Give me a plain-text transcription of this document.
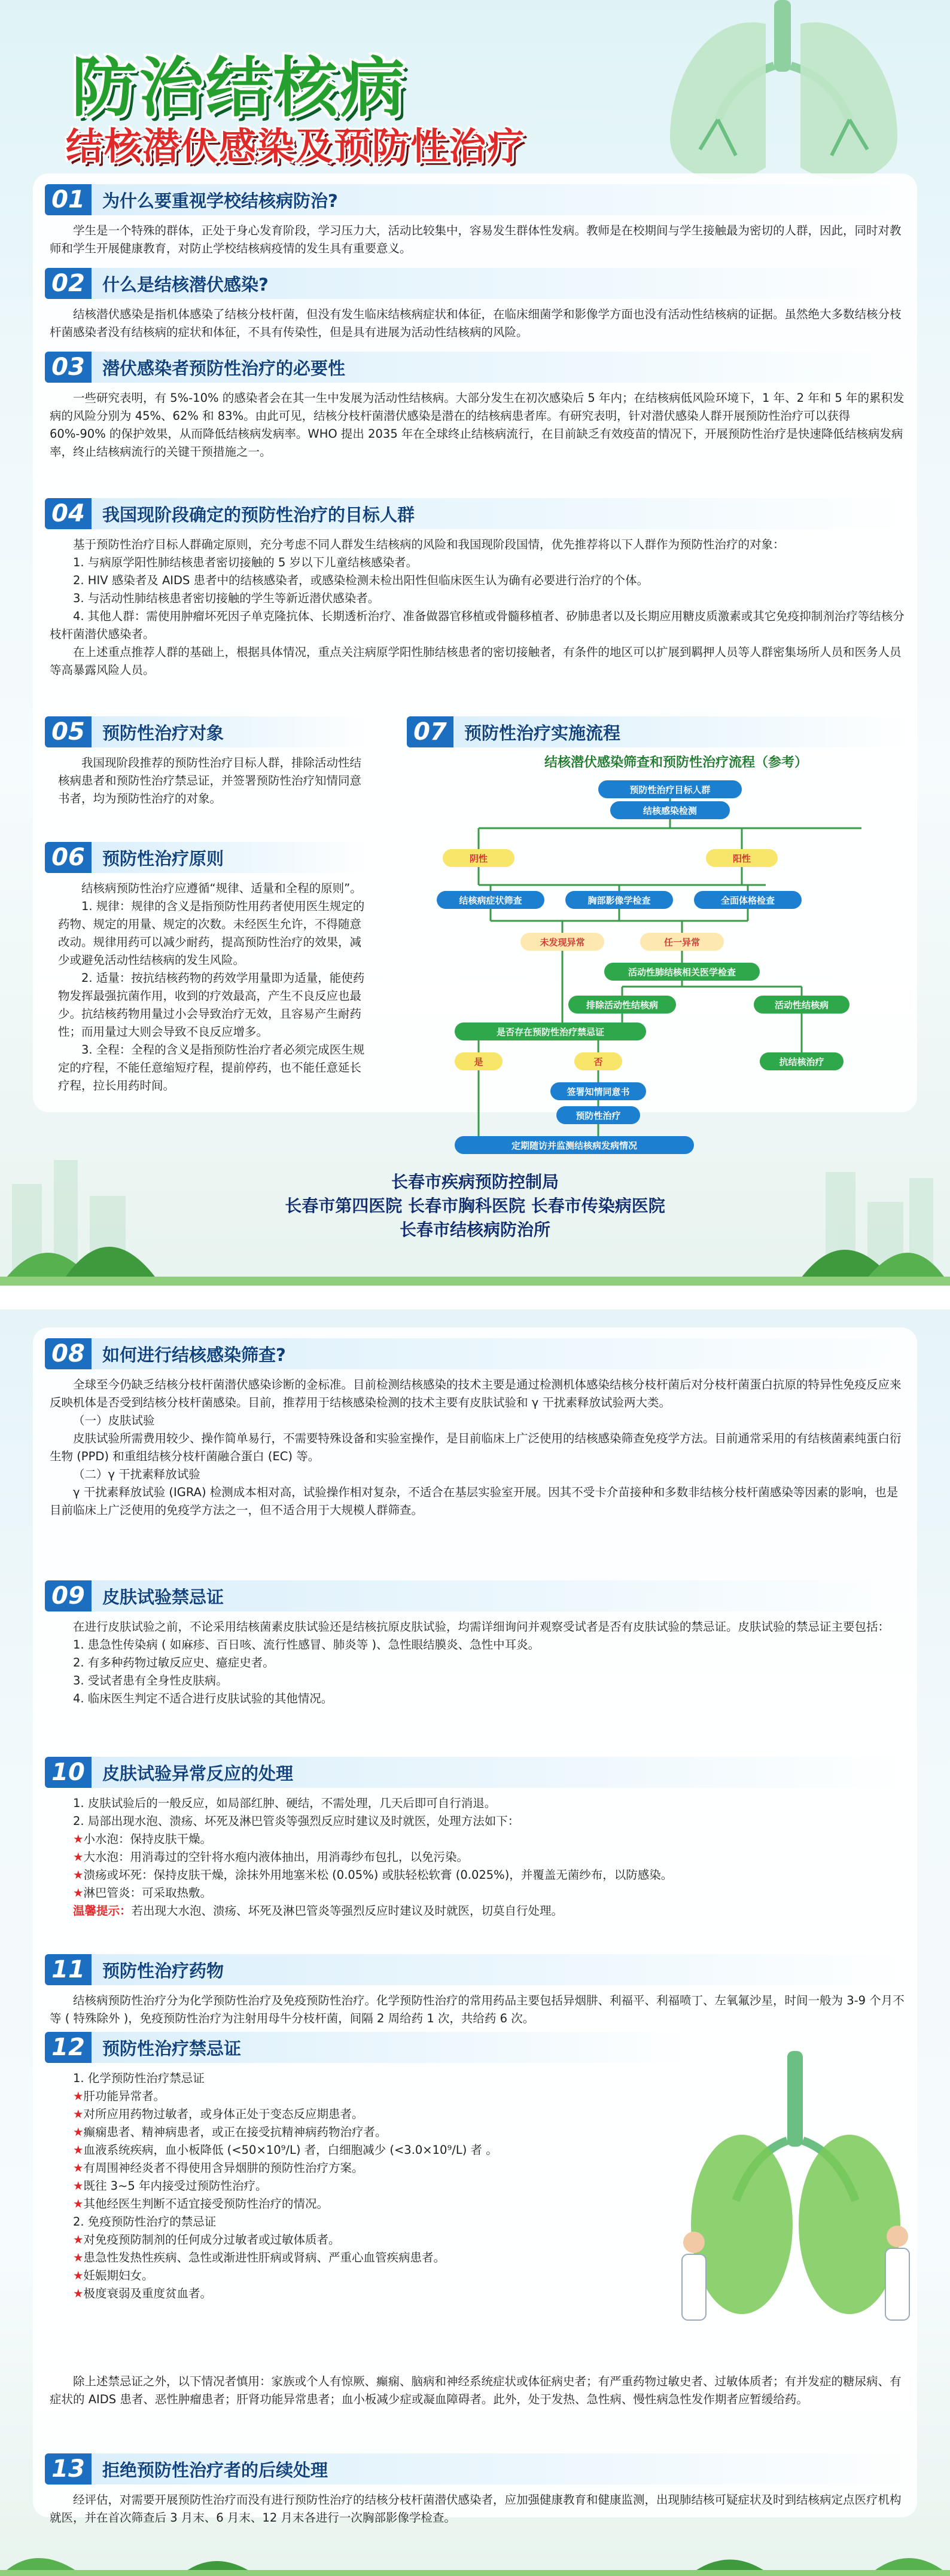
防治结核病
结核潜伏感染及预防性治疗
01	为什么要重视学校结核病防治?

学生是一个特殊的群体，正处于身心发育阶段，学习压力大，活动比较集中，容易发生群体性发病。教师是在校期间与学生接触最为密切的人群，因此，同时对教师和学生开展健康教育，对防止学校结核病疫情的发生具有重要意义。

02	什么是结核潜伏感染?

结核潜伏感染是指机体感染了结核分枝杆菌，但没有发生临床结核病症状和体征，在临床细菌学和影像学方面也没有活动性结核病的证据。虽然绝大多数结核分枝杆菌感染者没有结核病的症状和体征，不具有传染性，但是具有进展为活动性结核病的风险。

03	潜伏感染者预防性治疗的必要性

一些研究表明，有 5%-10% 的感染者会在其一生中发展为活动性结核病。大部分发生在初次感染后 5 年内；在结核病低风险环境下，1 年、2 年和 5 年的累积发病的风险分别为 45%、62% 和 83%。由此可见，结核分枝杆菌潜伏感染是潜在的结核病患者库。有研究表明，针对潜伏感染人群开展预防性治疗可以获得 60%-90% 的保护效果，从而降低结核病发病率。WHO 提出 2035 年在全球终止结核病流行，在目前缺乏有效疫苗的情况下，开展预防性治疗是快速降低结核病发病率，终止结核病流行的关键干预措施之一。

04	我国现阶段确定的预防性治疗的目标人群

基于预防性治疗目标人群确定原则，充分考虑不同人群发生结核病的风险和我国现阶段国情，优先推荐将以下人群作为预防性治疗的对象：

1. 与病原学阳性肺结核患者密切接触的 5 岁以下儿童结核感染者。

2. HIV 感染者及 AIDS 患者中的结核感染者，或感染检测未检出阳性但临床医生认为确有必要进行治疗的个体。

3. 与活动性肺结核患者密切接触的学生等新近潜伏感染者。

4. 其他人群：需使用肿瘤坏死因子单克隆抗体、长期透析治疗、准备做器官移植或骨髓移植者、矽肺患者以及长期应用糖皮质激素或其它免疫抑制剂治疗等结核分枝杆菌潜伏感染者。

在上述重点推荐人群的基础上，根据具体情况，重点关注病原学阳性肺结核患者的密切接触者，有条件的地区可以扩展到羁押人员等人群密集场所人员和医务人员等高暴露风险人员。

05	预防性治疗对象

我国现阶段推荐的预防性治疗目标人群，排除活动性结核病患者和预防性治疗禁忌证，并签署预防性治疗知情同意书者，均为预防性治疗的对象。

06	预防性治疗原则

结核病预防性治疗应遵循“规律、适量和全程的原则”。

1. 规律：规律的含义是指预防性用药者使用医生规定的药物、规定的用量、规定的次数。未经医生允许，不得随意改动。规律用药可以减少耐药，提高预防性治疗的效果，减少或避免活动性结核病的发生风险。

2. 适量：按抗结核药物的药效学用量即为适量，能使药物发挥最强抗菌作用，收到的疗效最高，产生不良反应也最少。抗结核药物用量过小会导致治疗无效，且容易产生耐药性；而用量过大则会导致不良反应增多。

3. 全程：全程的含义是指预防性治疗者必须完成医生规定的疗程，不能任意缩短疗程，提前停药，也不能任意延长疗程，拉长用药时间。

07	预防性治疗实施流程
结核潜伏感染筛查和预防性治疗流程（参考）
预防性治疗目标人群
结核感染检测
阴性	阳性
结核病症状筛查	胸部影像学检查	全面体格检查
未发现异常	任一异常
活动性肺结核相关医学检查
排除活动性结核病	活动性结核病
是否存在预防性治疗禁忌证
是	否	抗结核治疗
签署知情同意书
预防性治疗
定期随访并监测结核病发病情况
长春市疾病预防控制局
长春市第四医院 长春市胸科医院 长春市传染病医院
长春市结核病防治所
08	如何进行结核感染筛查?

全球至今仍缺乏结核分枝杆菌潜伏感染诊断的金标准。目前检测结核感染的技术主要是通过检测机体感染结核分枝杆菌后对分枝杆菌蛋白抗原的特异性免疫反应来反映机体是否受到结核分枝杆菌感染。目前，推荐用于结核感染检测的技术主要有皮肤试验和 γ 干扰素释放试验两大类。

（一）皮肤试验

皮肤试验所需费用较少、操作简单易行，不需要特殊设备和实验室操作，是目前临床上广泛使用的结核感染筛查免疫学方法。目前通常采用的有结核菌素纯蛋白衍生物 (PPD) 和重组结核分枝杆菌融合蛋白 (EC) 等。

（二）γ 干扰素释放试验

γ 干扰素释放试验 (IGRA) 检测成本相对高，试验操作相对复杂，不适合在基层实验室开展。因其不受卡介苗接种和多数非结核分枝杆菌感染等因素的影响，也是目前临床上广泛使用的免疫学方法之一，但不适合用于大规模人群筛查。

09	皮肤试验禁忌证

在进行皮肤试验之前，不论采用结核菌素皮肤试验还是结核抗原皮肤试验，均需详细询问并观察受试者是否有皮肤试验的禁忌证。皮肤试验的禁忌证主要包括：

1. 患急性传染病 ( 如麻疹、百日咳、流行性感冒、肺炎等 )、急性眼结膜炎、急性中耳炎。

2. 有多种药物过敏反应史、癔症史者。

3. 受试者患有全身性皮肤病。

4. 临床医生判定不适合进行皮肤试验的其他情况。

10	皮肤试验异常反应的处理

1. 皮肤试验后的一般反应，如局部红肿、硬结，不需处理，几天后即可自行消退。

2. 局部出现水泡、溃疡、坏死及淋巴管炎等强烈反应时建议及时就医，处理方法如下：

★小水泡：保持皮肤干燥。

★大水泡：用消毒过的空针将水疱内液体抽出，用消毒纱布包扎，以免污染。

★溃疡或坏死：保持皮肤干燥，涂抹外用地塞米松 (0.05%) 或肤轻松软膏 (0.025%)，并覆盖无菌纱布，以防感染。

★淋巴管炎：可采取热敷。

温馨提示：若出现大水泡、溃疡、坏死及淋巴管炎等强烈反应时建议及时就医，切莫自行处理。

11	预防性治疗药物

结核病预防性治疗分为化学预防性治疗及免疫预防性治疗。化学预防性治疗的常用药品主要包括异烟肼、利福平、利福喷丁、左氧氟沙星，时间一般为 3-9 个月不等 ( 特殊除外 )，免疫预防性治疗为注射用母牛分枝杆菌，间隔 2 周给药 1 次，共给药 6 次。

12	预防性治疗禁忌证

1. 化学预防性治疗禁忌证

★肝功能异常者。

★对所应用药物过敏者，或身体正处于变态反应期患者。

★癫痫患者、精神病患者，或正在接受抗精神病药物治疗者。

★血液系统疾病，血小板降低 (<50×10⁹/L) 者，白细胞减少 (<3.0×10⁹/L) 者 。

★有周围神经炎者不得使用含异烟肼的预防性治疗方案。

★既往 3~5 年内接受过预防性治疗。

★其他经医生判断不适宜接受预防性治疗的情况。

2. 免疫预防性治疗的禁忌证

★对免疫预防制剂的任何成分过敏者或过敏体质者。

★患急性发热性疾病、急性或渐进性肝病或肾病、严重心血管疾病患者。

★妊娠期妇女。

★极度衰弱及重度贫血者。

除上述禁忌证之外，以下情况者慎用：家族或个人有惊厥、癫痫、脑病和神经系统症状或体征病史者；有严重药物过敏史者、过敏体质者；有并发症的糖尿病、有症状的 AIDS 患者、恶性肿瘤患者；肝肾功能异常患者；血小板减少症或凝血障碍者。此外，处于发热、急性病、慢性病急性发作期者应暂缓给药。

13	拒绝预防性治疗者的后续处理

经评估，对需要开展预防性治疗而没有进行预防性治疗的结核分枝杆菌潜伏感染者，应加强健康教育和健康监测，出现肺结核可疑症状及时到结核病定点医疗机构就医，并在首次筛查后 3 月末、6 月末、12 月末各进行一次胸部影像学检查。
